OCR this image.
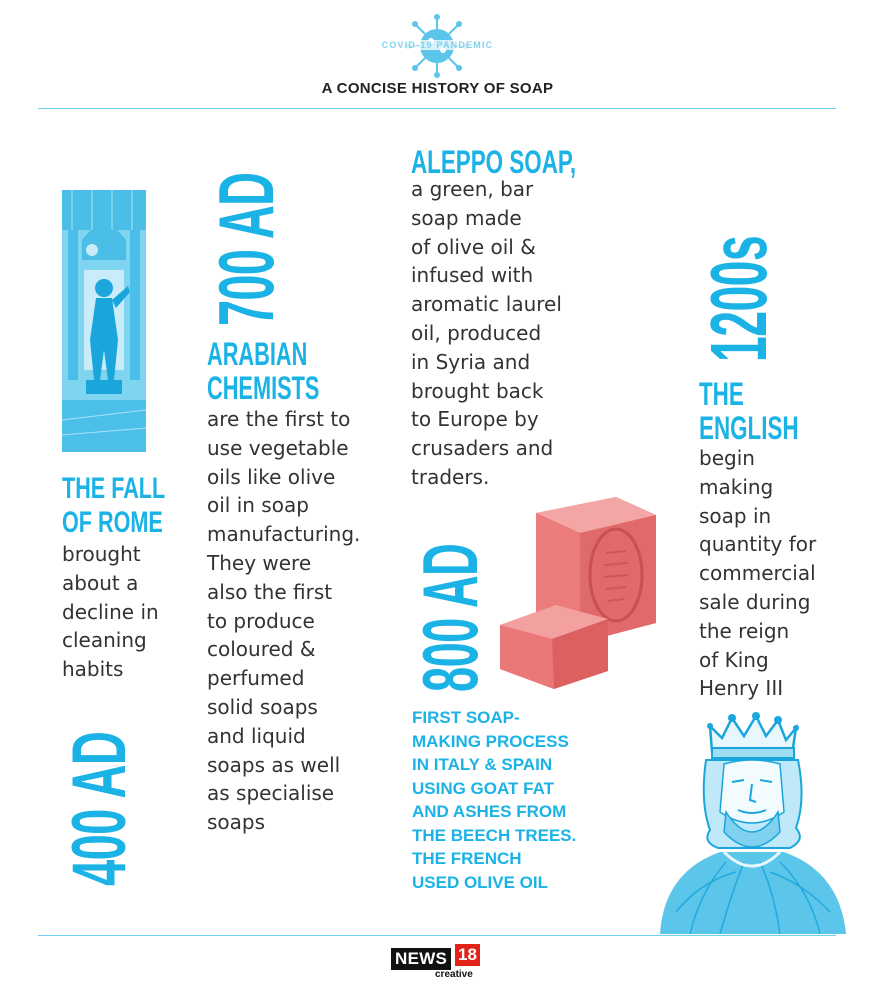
COVID-19 PANDEMIC
A CONCISE HISTORY OF SOAP
THE FALL
OF ROME
brought
about a
decline in
cleaning
habits
400 AD
700 AD
ARABIAN
CHEMISTS
are the first to
use vegetable
oils like olive
oil in soap
manufacturing.
They were
also the first
to produce
coloured &
perfumed
solid soaps
and liquid
soaps as well
as specialise
soaps
ALEPPO SOAP,
a green, bar
soap made
of olive oil &
infused with
aromatic laurel
oil, produced
in Syria and
brought back
to Europe by
crusaders and
traders.
800 AD
FIRST SOAP-
MAKING PROCESS
IN ITALY & SPAIN
USING GOAT FAT
AND ASHES FROM
THE BEECH TREES.
THE FRENCH
USED OLIVE OIL
1200s
THE
ENGLISH
begin
making
soap in
quantity for
commercial
sale during
the reign
of King
Henry III
NEWS 18
creative
